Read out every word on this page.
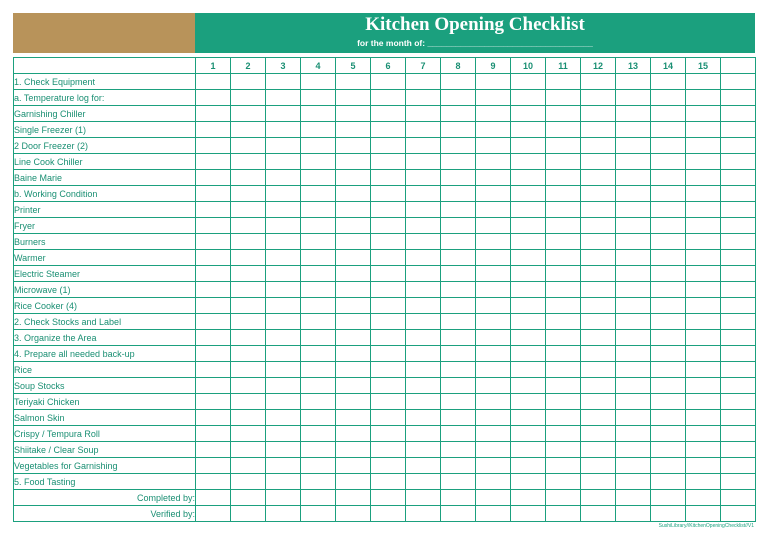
Kitchen Opening Checklist
for the month of: ___________________________________
	1	2	3	4	5	6	7	8	9	10	11	12	13	14	15	
1. Check Equipment																
a. Temperature log for:																
Garnishing Chiller																
Single Freezer (1)																
2 Door Freezer (2)																
Line Cook Chiller																
Baine Marie																
b. Working Condition																
Printer																
Fryer																
Burners																
Warmer																
Electric Steamer																
Microwave (1)																
Rice Cooker (4)																
2. Check Stocks and Label																
3. Organize the Area																
4. Prepare all needed back-up																
Rice																
Soup Stocks																
Teriyaki Chicken																
Salmon Skin																
Crispy / Tempura Roll																
Shiitake / Clear Soup																
Vegetables for Garnishing																
5. Food Tasting																
Completed by:																
Verified by:																
SushiLibrary//KitchenOpeningChecklist//V1
